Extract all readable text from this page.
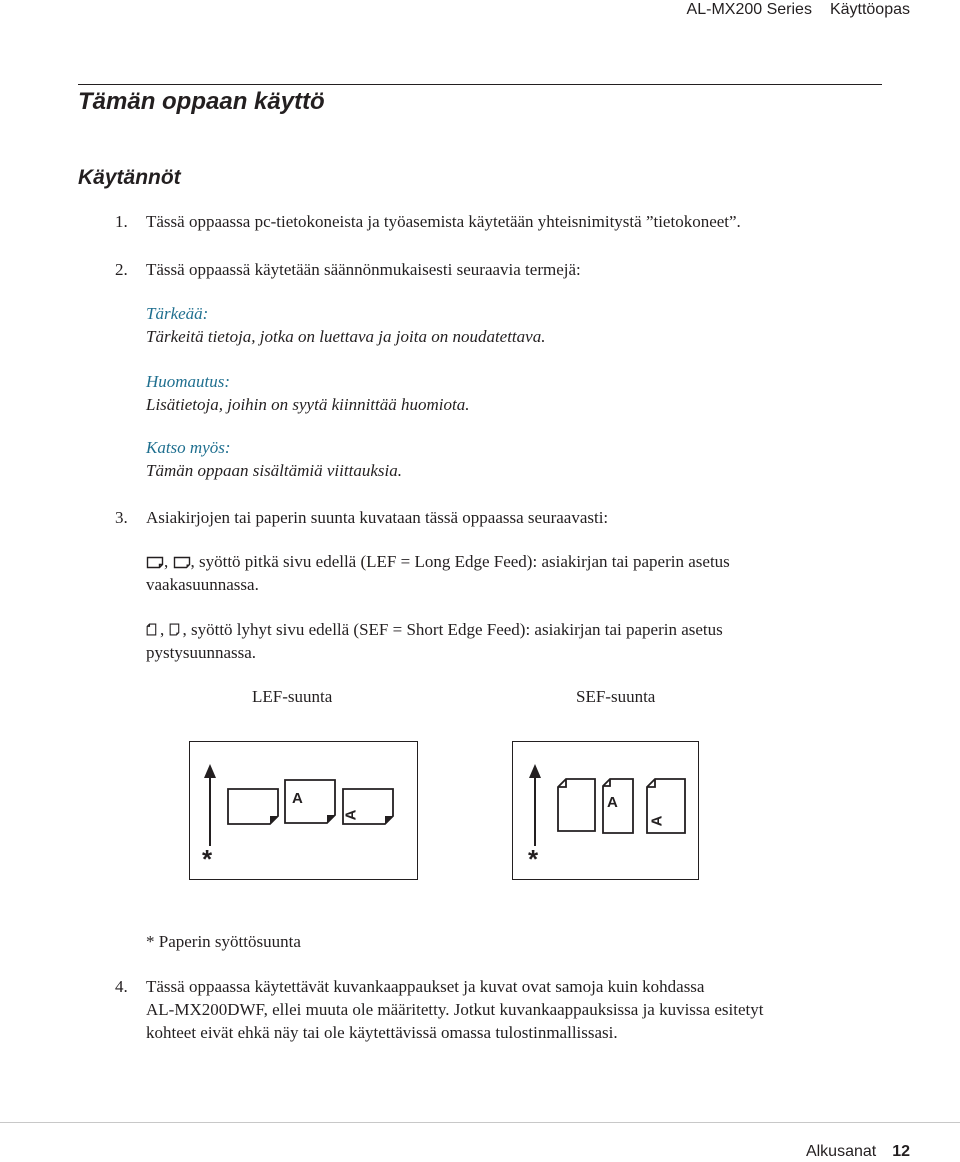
AL-MX200 Series Käyttöopas
Tämän oppaan käyttö
Käytännöt
1. Tässä oppaassa pc-tietokoneista ja työasemista käytetään yhteisnimitystä ”tietokoneet”.
2. Tässä oppaassä käytetään säännönmukaisesti seuraavia termejä:
Tärkeää:
Tärkeitä tietoja, jotka on luettava ja joita on noudatettava.
Huomautus:
Lisätietoja, joihin on syytä kiinnittää huomiota.
Katso myös:
Tämän oppaan sisältämiä viittauksia.
3. Asiakirjojen tai paperin suunta kuvataan tässä oppaassa seuraavasti:
, , syöttö pitkä sivu edellä (LEF = Long Edge Feed): asiakirjan tai paperin asetus
vaakasuunnassa.
, , syöttö lyhyt sivu edellä (SEF = Short Edge Feed): asiakirjan tai paperin asetus
pystysuunnassa.
LEF-suunta	SEF-suunta
A
A
*
A
A
*
* Paperin syöttösuunta
4. Tässä oppaassa käytettävät kuvankaappaukset ja kuvat ovat samoja kuin kohdassa
AL-MX200DWF, ellei muuta ole määritetty. Jotkut kuvankaappauksissa ja kuvissa esitetyt
kohteet eivät ehkä näy tai ole käytettävissä omassa tulostinmallissasi.
Alkusanat 12
